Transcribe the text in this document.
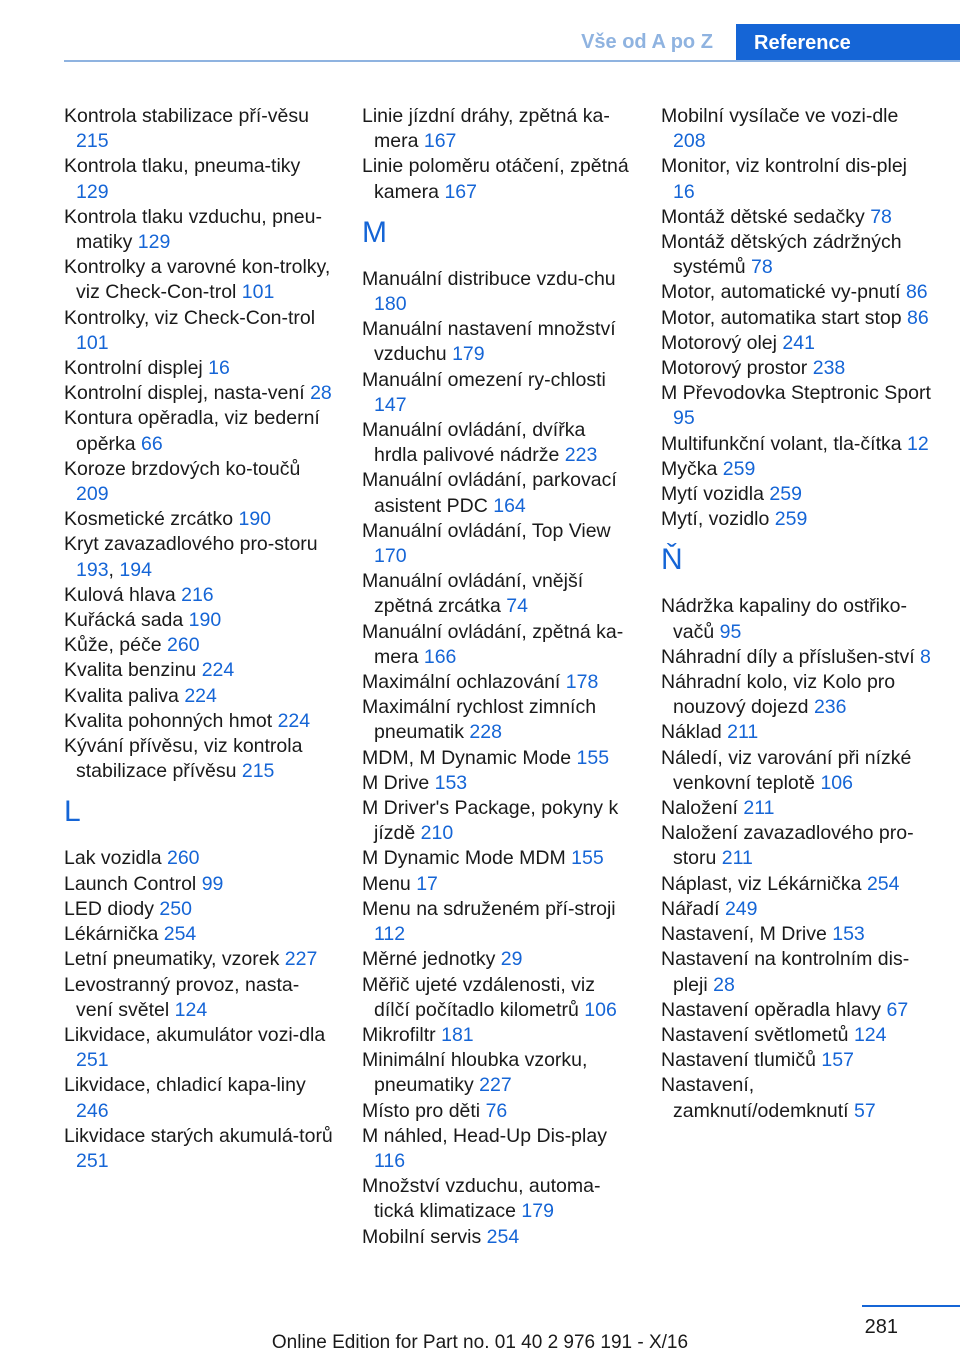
Vše od A po Z	Reference
Kontrola stabilizace pří-věsu 215
Kontrola tlaku, pneuma-tiky 129
Kontrola tlaku vzduchu, pneu-matiky 129
Kontrolky a varovné kon-trolky, viz Check-Con-trol 101
Kontrolky, viz Check-Con-trol 101
Kontrolní displej 16
Kontrolní displej, nasta-vení 28
Kontura opěradla, viz bederní opěrka 66
Koroze brzdových ko-toučů 209
Kosmetické zrcátko 190
Kryt zavazadlového pro-storu 193, 194
Kulová hlava 216
Kuřácká sada 190
Kůže, péče 260
Kvalita benzinu 224
Kvalita paliva 224
Kvalita pohonných hmot 224
Kývání přívěsu, viz kontrola stabilizace přívěsu 215
L
Lak vozidla 260
Launch Control 99
LED diody 250
Lékárnička 254
Letní pneumatiky, vzorek 227
Levostranný provoz, nasta-vení světel 124
Likvidace, akumulátor vozi-dla 251
Likvidace, chladicí kapa-liny 246
Likvidace starých akumulá-torů 251
Linie jízdní dráhy, zpětná ka-mera 167
Linie poloměru otáčení, zpětná kamera 167
M
Manuální distribuce vzdu-chu 180
Manuální nastavení množství vzduchu 179
Manuální omezení ry-chlosti 147
Manuální ovládání, dvířka hrdla palivové nádrže 223
Manuální ovládání, parkovací asistent PDC 164
Manuální ovládání, Top View 170
Manuální ovládání, vnější zpětná zrcátka 74
Manuální ovládání, zpětná ka-mera 166
Maximální ochlazování 178
Maximální rychlost zimních pneumatik 228
MDM, M Dynamic Mode 155
M Drive 153
M Driver's Package, pokyny k jízdě 210
M Dynamic Mode MDM 155
Menu 17
Menu na sdruženém pří-stroji 112
Měrné jednotky 29
Měřič ujeté vzdálenosti, viz dílčí počítadlo kilometrů 106
Mikrofiltr 181
Minimální hloubka vzorku, pneumatiky 227
Místo pro děti 76
M náhled, Head-Up Dis-play 116
Množství vzduchu, automa-tická klimatizace 179
Mobilní servis 254
Mobilní vysílače ve vozi-dle 208
Monitor, viz kontrolní dis-plej 16
Montáž dětské sedačky 78
Montáž dětských zádržných systémů 78
Motor, automatické vy-pnutí 86
Motor, automatika start stop 86
Motorový olej 241
Motorový prostor 238
M Převodovka Steptronic Sport 95
Multifunkční volant, tla-čítka 12
Myčka 259
Mytí vozidla 259
Mytí, vozidlo 259
Ň
Nádržka kapaliny do ostřiko-vačů 95
Náhradní díly a příslušen-ství 8
Náhradní kolo, viz Kolo pro nouzový dojezd 236
Náklad 211
Náledí, viz varování při nízké venkovní teplotě 106
Naložení 211
Naložení zavazadlového pro-storu 211
Náplast, viz Lékárnička 254
Nářadí 249
Nastavení, M Drive 153
Nastavení na kontrolním dis-pleji 28
Nastavení opěradla hlavy 67
Nastavení světlometů 124
Nastavení tlumičů 157
Nastavení, zamknutí/odemknutí 57
281
Online Edition for Part no. 01 40 2 976 191 - X/16
